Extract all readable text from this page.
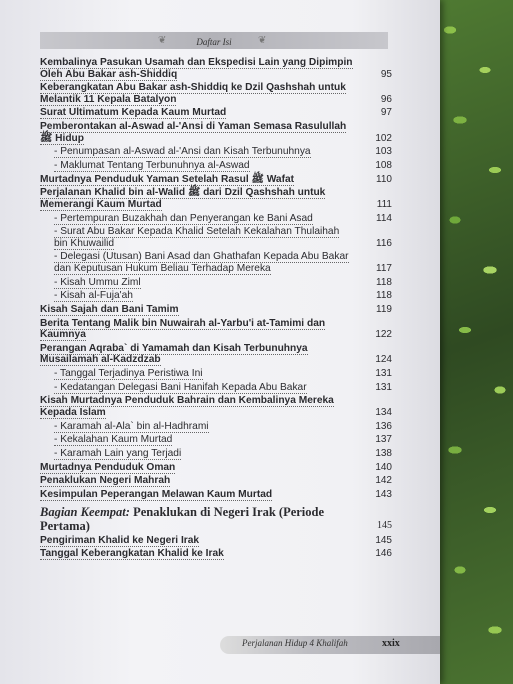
❦	Daftar Isi	❦
Kembalinya Pasukan Usamah dan Ekspedisi Lain yang Dipimpin Oleh Abu Bakar ash-Shiddiq	95
Keberangkatan Abu Bakar ash-Shiddiq ke Dzil Qashshah untuk Melantik 11 Kepala Batalyon	96
Surat Ultimatum Kepada Kaum Murtad	97
Pemberontakan al-Aswad al-'Ansi di Yaman Semasa Rasulullah ﷺ Hidup	102
- Penumpasan al-Aswad al-'Ansi dan Kisah Terbunuhnya	103
- Maklumat Tentang Terbunuhnya al-Aswad	108
Murtadnya Penduduk Yaman Setelah Rasul ﷺ Wafat	110
Perjalanan Khalid bin al-Walid ﷺ dari Dzil Qashshah untuk Memerangi Kaum Murtad	111
- Pertempuran Buzakhah dan Penyerangan ke Bani Asad	114
- Surat Abu Bakar Kepada Khalid Setelah Kekalahan Thulaihah bin Khuwailid	116
- Delegasi (Utusan) Bani Asad dan Ghathafan Kepada Abu Bakar dan Keputusan Hukum Beliau Terhadap Mereka	117
- Kisah Ummu Ziml	118
- Kisah al-Fuja'ah	118
Kisah Sajah dan Bani Tamim	119
Berita Tentang Malik bin Nuwairah al-Yarbu'i at-Tamimi dan Kaumnya	122
Perangan Aqraba` di Yamamah dan Kisah Terbunuhnya Musailamah al-Kadzdzab	124
- Tanggal Terjadinya Peristiwa Ini	131
- Kedatangan Delegasi Bani Hanifah Kepada Abu Bakar	131
Kisah Murtadnya Penduduk Bahrain dan Kembalinya Mereka Kepada Islam	134
- Karamah al-Ala` bin al-Hadhrami	136
- Kekalahan Kaum Murtad	137
- Karamah Lain yang Terjadi	138
Murtadnya Penduduk Oman	140
Penaklukan Negeri Mahrah	142
Kesimpulan Peperangan Melawan Kaum Murtad	143
Bagian Keempat: Penaklukan di Negeri Irak (Periode Pertama)	145
Pengiriman Khalid ke Negeri Irak	145
Tanggal Keberangkatan Khalid ke Irak	146
Perjalanan Hidup 4 Khalifah	xxix
